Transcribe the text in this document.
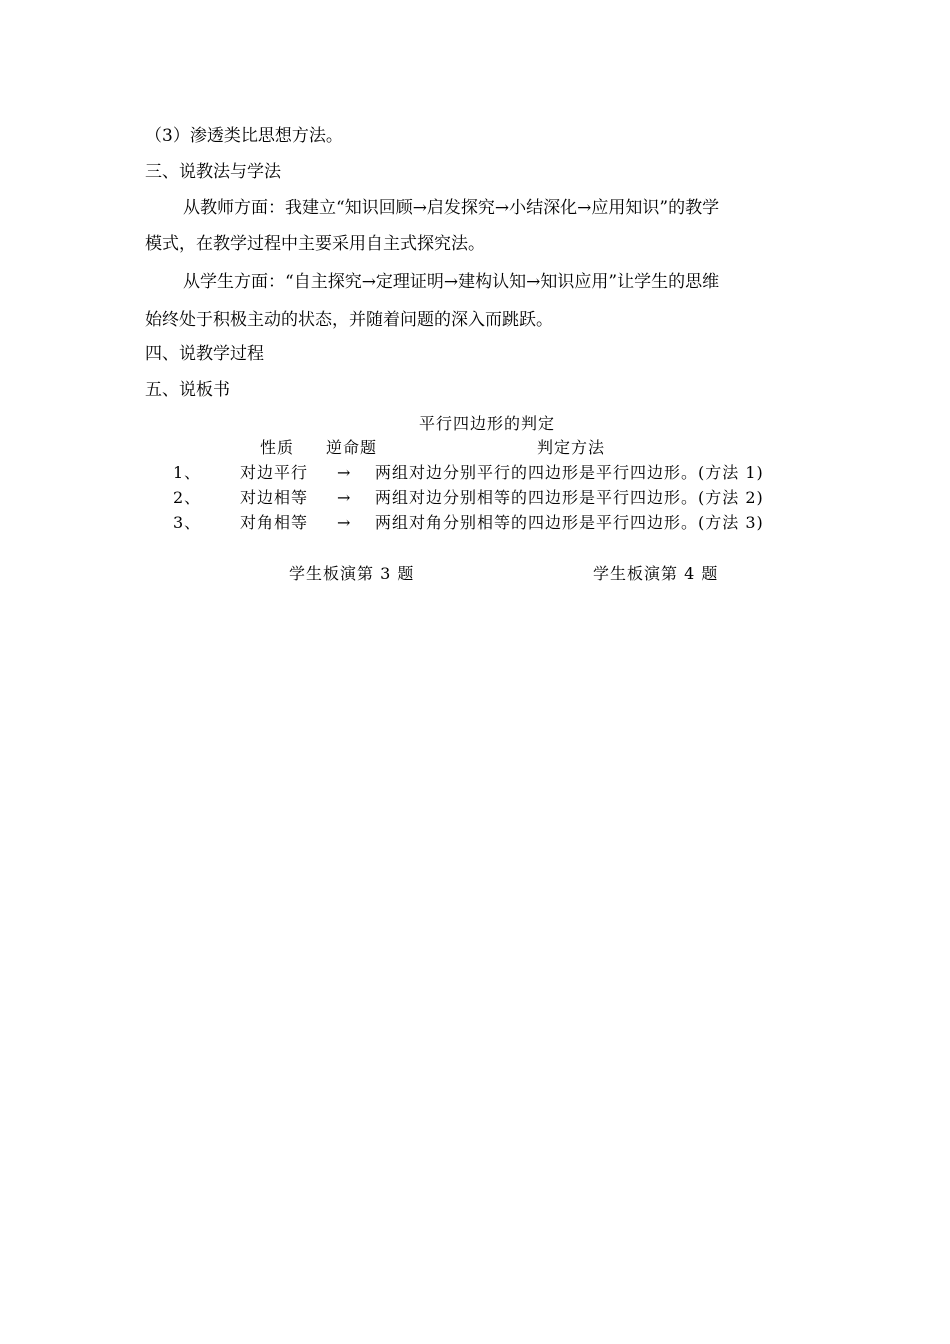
（3）渗透类比思想方法。
三、说教法与学法
从教师方面：我建立“知识回顾→启发探究→小结深化→应用知识”的教学
模式，在教学过程中主要采用自主式探究法。
从学生方面：“自主探究→定理证明→建构认知→知识应用”让学生的思维
始终处于积极主动的状态，并随着问题的深入而跳跃。
四、说教学过程
五、说板书
平行四边形的判定
性质 逆命题	判定方法
1、 对边平行 → 两组对边分别平行的四边形是平行四边形。(方法 1)
2、 对边相等 → 两组对边分别相等的四边形是平行四边形。(方法 2)
3、 对角相等 → 两组对角分别相等的四边形是平行四边形。(方法 3)
学生板演第 3 题	学生板演第 4 题
